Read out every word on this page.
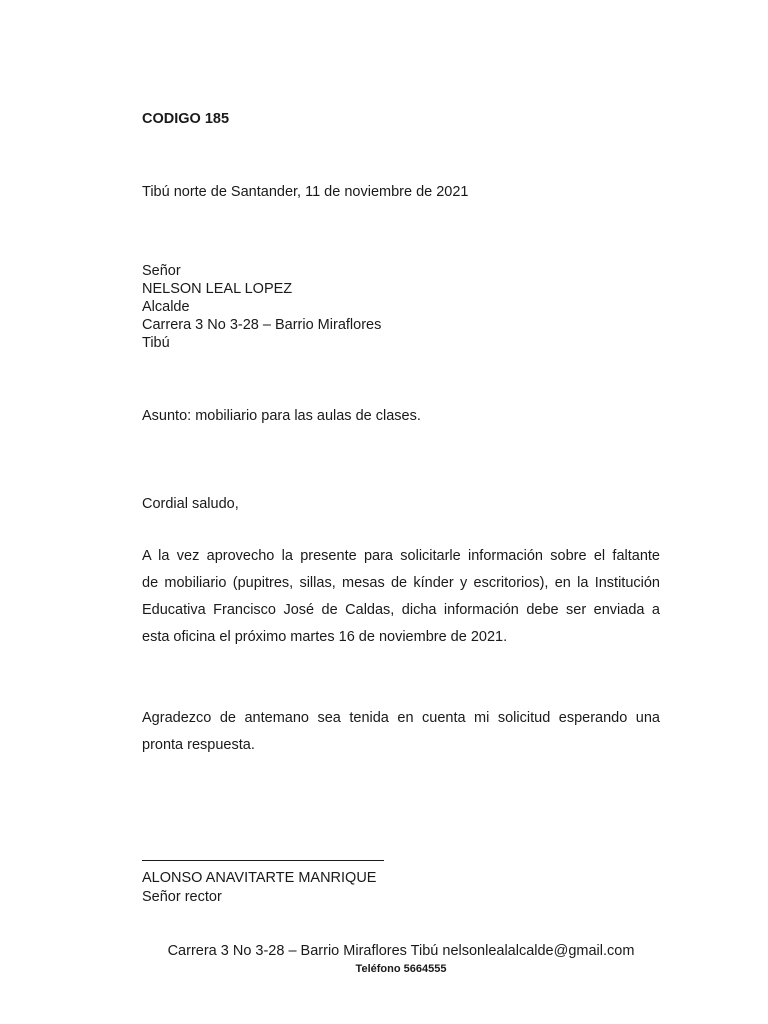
CODIGO 185

Tibú norte de Santander, 11 de noviembre de 2021

Señor
NELSON LEAL LOPEZ
Alcalde
Carrera 3 No 3-28 – Barrio Miraflores
Tibú

Asunto: mobiliario para las aulas de clases.

Cordial saludo,

A la vez aprovecho la presente para solicitarle información sobre el faltante
de mobiliario (pupitres, sillas, mesas de kínder y escritorios), en la Institución
Educativa Francisco José de Caldas, dicha información debe ser enviada a
esta oficina el próximo martes 16 de noviembre de 2021.
Agradezco de antemano sea tenida en cuenta mi solicitud esperando una
pronta respuesta.

ALONSO ANAVITARTE MANRIQUE

Señor rector

Carrera 3 No 3-28 – Barrio Miraflores Tibú nelsonlealalcalde@gmail.com

Teléfono 5664555
